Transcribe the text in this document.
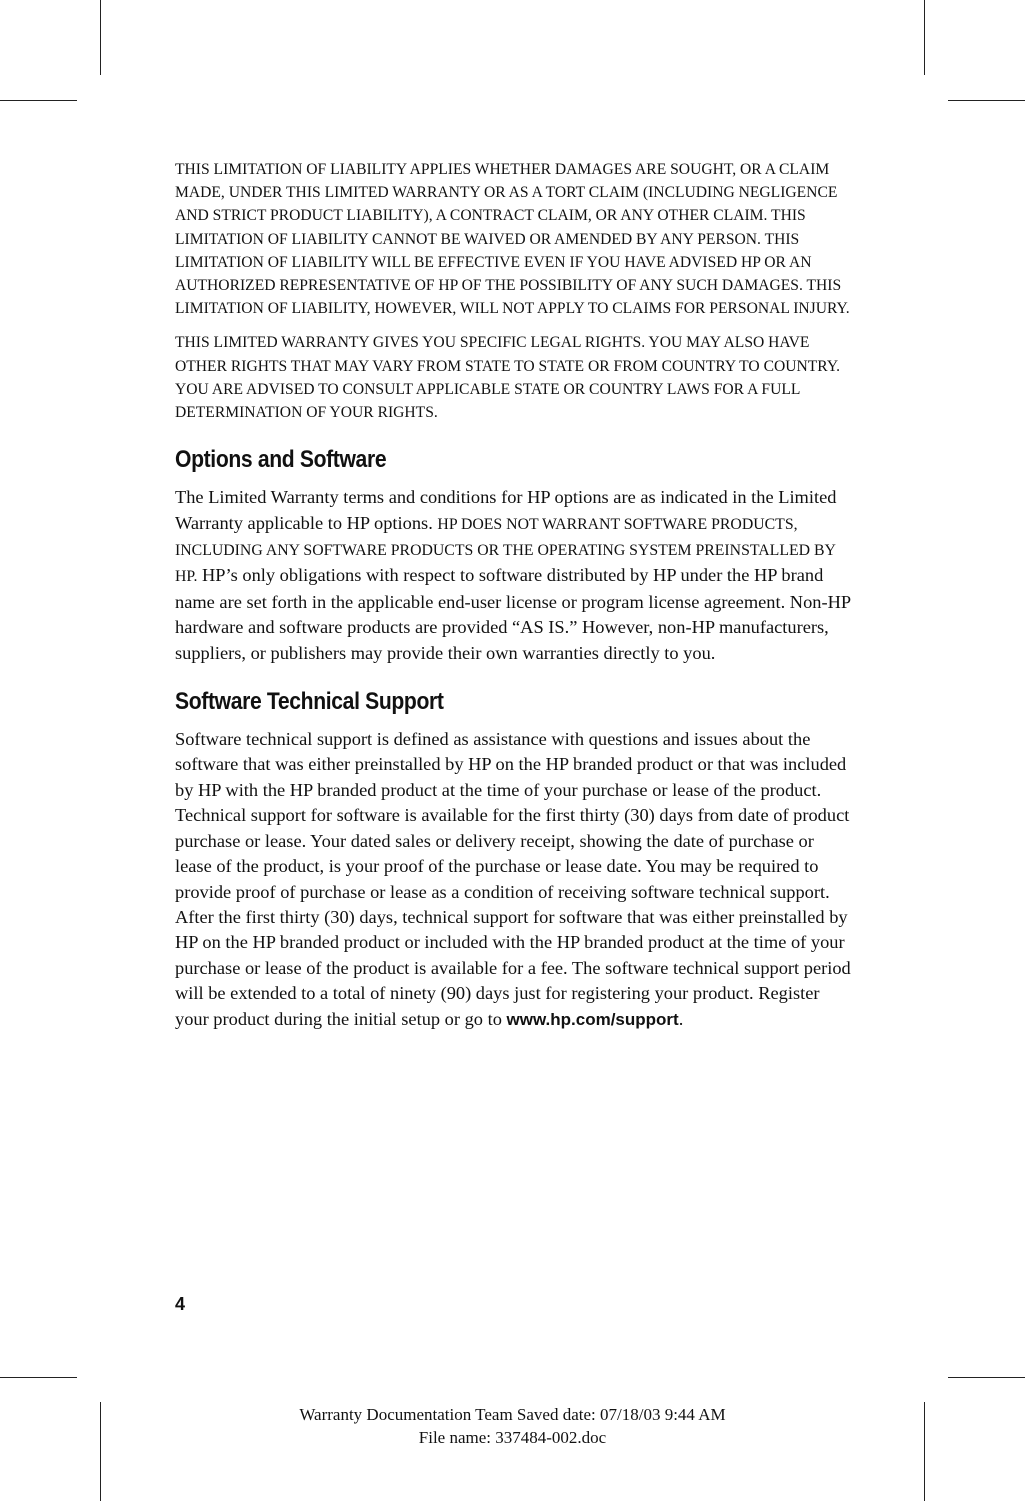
THIS LIMITATION OF LIABILITY APPLIES WHETHER DAMAGES ARE SOUGHT, OR A CLAIM MADE, UNDER THIS LIMITED WARRANTY OR AS A TORT CLAIM (INCLUDING NEGLIGENCE AND STRICT PRODUCT LIABILITY), A CONTRACT CLAIM, OR ANY OTHER CLAIM. THIS LIMITATION OF LIABILITY CANNOT BE WAIVED OR AMENDED BY ANY PERSON. THIS LIMITATION OF LIABILITY WILL BE EFFECTIVE EVEN IF YOU HAVE ADVISED HP OR AN AUTHORIZED REPRESENTATIVE OF HP OF THE POSSIBILITY OF ANY SUCH DAMAGES. THIS LIMITATION OF LIABILITY, HOWEVER, WILL NOT APPLY TO CLAIMS FOR PERSONAL INJURY.

THIS LIMITED WARRANTY GIVES YOU SPECIFIC LEGAL RIGHTS. YOU MAY ALSO HAVE OTHER RIGHTS THAT MAY VARY FROM STATE TO STATE OR FROM COUNTRY TO COUNTRY. YOU ARE ADVISED TO CONSULT APPLICABLE STATE OR COUNTRY LAWS FOR A FULL DETERMINATION OF YOUR RIGHTS.

Options and Software

The Limited Warranty terms and conditions for HP options are as indicated in the Limited Warranty applicable to HP options. HP DOES NOT WARRANT SOFTWARE PRODUCTS, INCLUDING ANY SOFTWARE PRODUCTS OR THE OPERATING SYSTEM PREINSTALLED BY HP. HP’s only obligations with respect to software distributed by HP under the HP brand name are set forth in the applicable end-user license or program license agreement. Non-HP hardware and software products are provided “AS IS.” However, non-HP manufacturers, suppliers, or publishers may provide their own warranties directly to you.

Software Technical Support

Software technical support is defined as assistance with questions and issues about the software that was either preinstalled by HP on the HP branded product or that was included by HP with the HP branded product at the time of your purchase or lease of the product. Technical support for software is available for the first thirty (30) days from date of product purchase or lease. Your dated sales or delivery receipt, showing the date of purchase or lease of the product, is your proof of the purchase or lease date. You may be required to provide proof of purchase or lease as a condition of receiving software technical support. After the first thirty (30) days, technical support for software that was either preinstalled by HP on the HP branded product or included with the HP branded product at the time of your purchase or lease of the product is available for a fee. The software technical support period will be extended to a total of ninety (90) days just for registering your product. Register your product during the initial setup or go to www.hp.com/support.

4
Warranty Documentation Team Saved date: 07/18/03 9:44 AM
File name: 337484-002.doc
